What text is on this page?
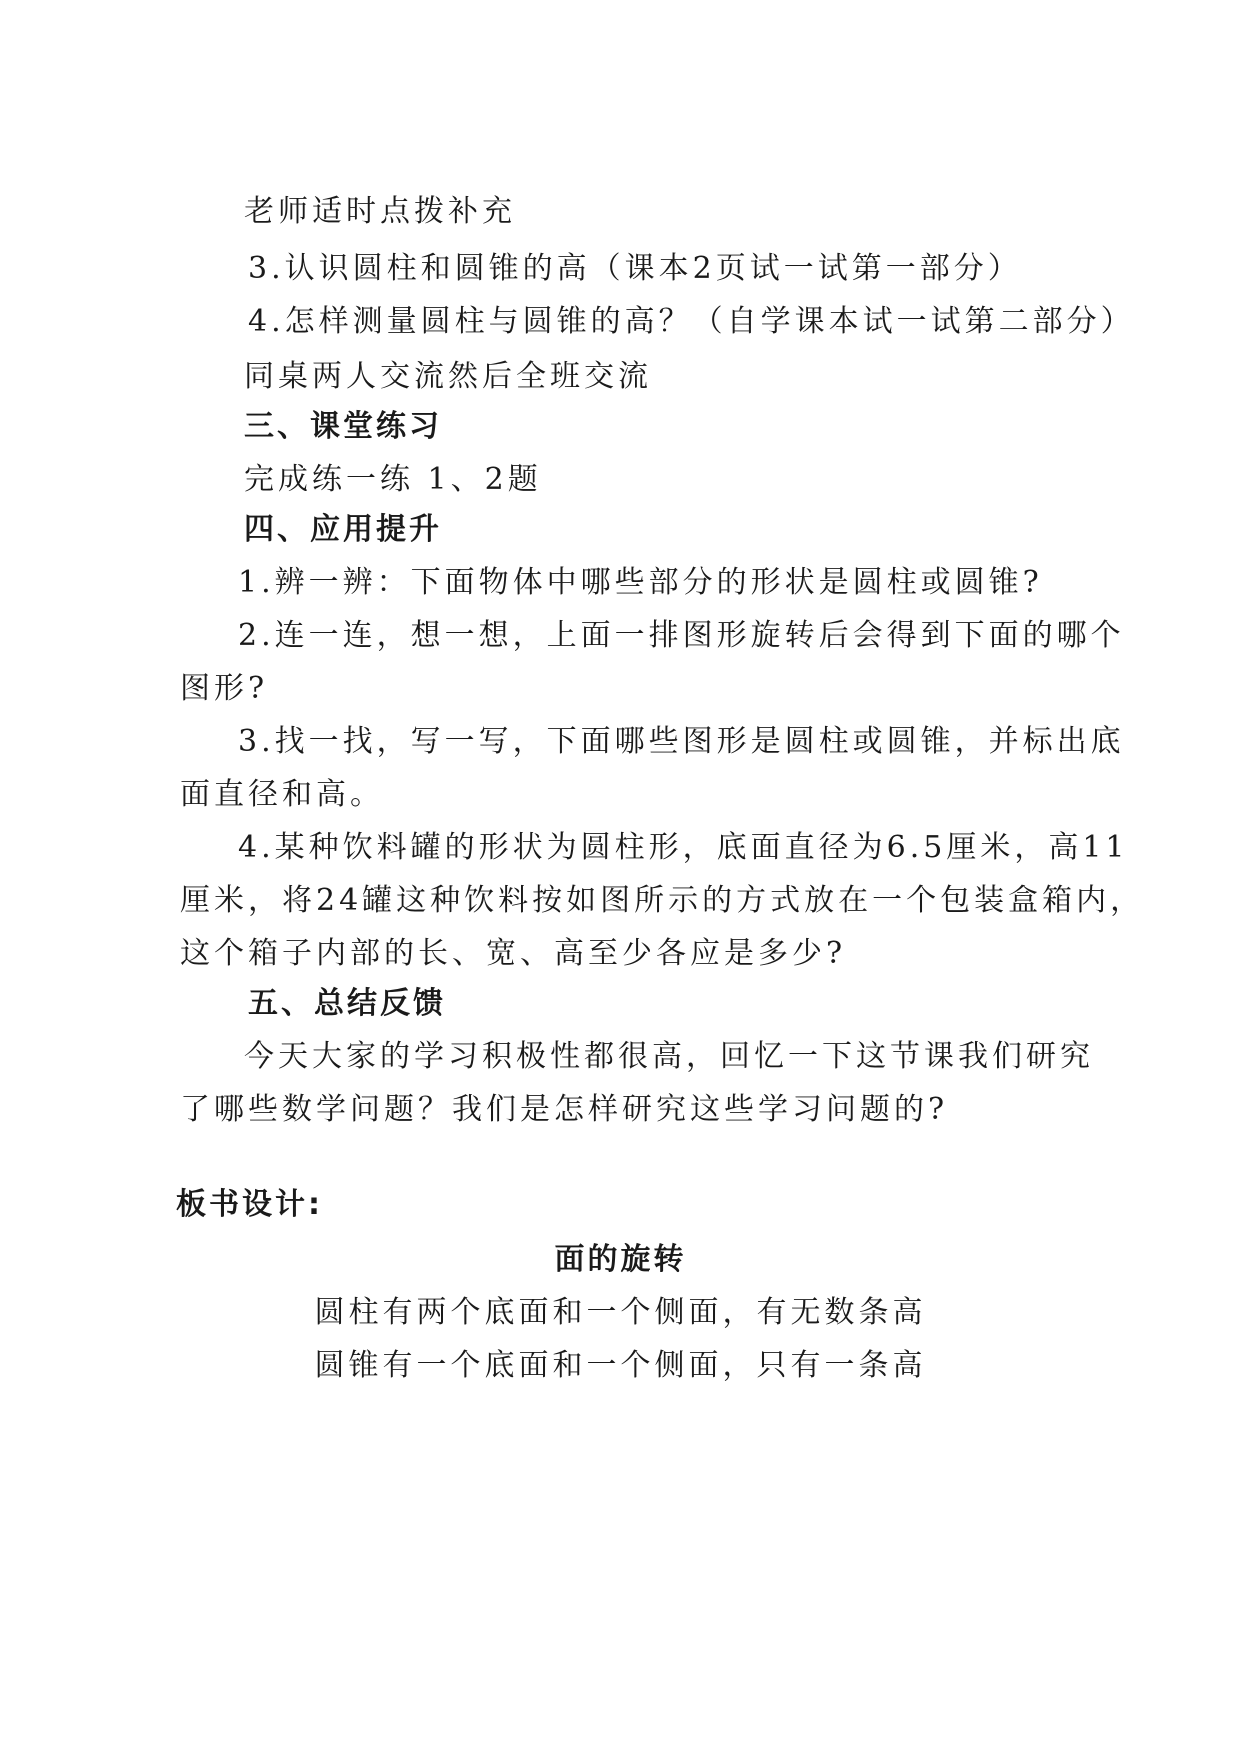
老师适时点拨补充
3.认识圆柱和圆锥的高（课本2页试一试第一部分）
4.怎样测量圆柱与圆锥的高？（自学课本试一试第二部分）
同桌两人交流然后全班交流
三、课堂练习
完成练一练 1、2题
四、应用提升
1.辨一辨：下面物体中哪些部分的形状是圆柱或圆锥?
2.连一连，想一想，上面一排图形旋转后会得到下面的哪个
图形?
3.找一找，写一写，下面哪些图形是圆柱或圆锥，并标出底
面直径和高。
4.某种饮料罐的形状为圆柱形，底面直径为6.5厘米，高11
厘米，将24罐这种饮料按如图所示的方式放在一个包装盒箱内，
这个箱子内部的长、宽、高至少各应是多少?
五、总结反馈
今天大家的学习积极性都很高，回忆一下这节课我们研究
了哪些数学问题？我们是怎样研究这些学习问题的?
板书设计:
面的旋转
圆柱有两个底面和一个侧面，有无数条高
圆锥有一个底面和一个侧面，只有一条高
